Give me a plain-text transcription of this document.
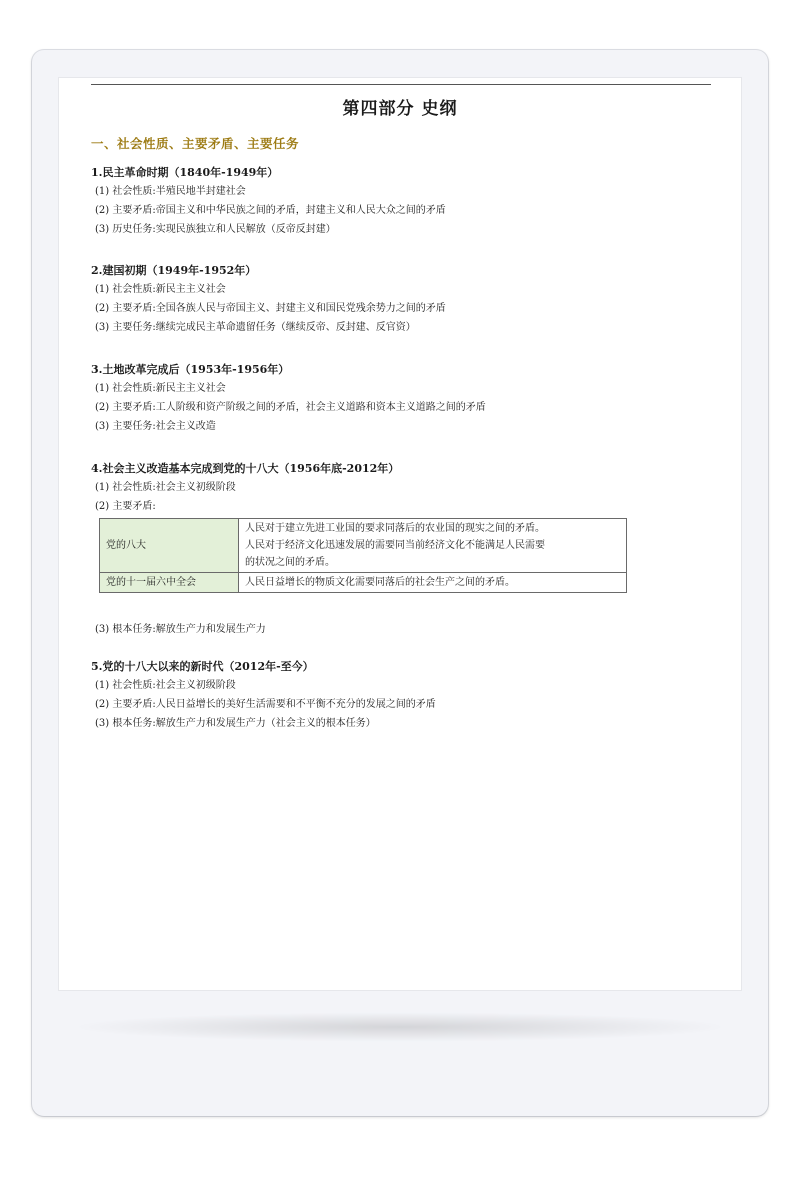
第四部分 史纲
一、社会性质、主要矛盾、主要任务
1.民主革命时期（1840年-1949年）
(1) 社会性质:半殖民地半封建社会
(2) 主要矛盾:帝国主义和中华民族之间的矛盾，封建主义和人民大众之间的矛盾
(3) 历史任务:实现民族独立和人民解放（反帝反封建）
2.建国初期（1949年-1952年）
(1) 社会性质:新民主主义社会
(2) 主要矛盾:全国各族人民与帝国主义、封建主义和国民党残余势力之间的矛盾
(3) 主要任务:继续完成民主革命遗留任务（继续反帝、反封建、反官资）
3.土地改革完成后（1953年-1956年）
(1) 社会性质:新民主主义社会
(2) 主要矛盾:工人阶级和资产阶级之间的矛盾，社会主义道路和资本主义道路之间的矛盾
(3) 主要任务:社会主义改造
4.社会主义改造基本完成到党的十八大（1956年底-2012年）
(1) 社会性质:社会主义初级阶段
(2) 主要矛盾:
党的八大	人民对于建立先进工业国的要求同落后的农业国的现实之间的矛盾。
人民对于经济文化迅速发展的需要同当前经济文化不能满足人民需要
的状况之间的矛盾。

党的十一届六中全会	人民日益增长的物质文化需要同落后的社会生产之间的矛盾。
(3) 根本任务:解放生产力和发展生产力
5.党的十八大以来的新时代（2012年-至今）
(1) 社会性质:社会主义初级阶段
(2) 主要矛盾:人民日益增长的美好生活需要和不平衡不充分的发展之间的矛盾
(3) 根本任务:解放生产力和发展生产力（社会主义的根本任务）
